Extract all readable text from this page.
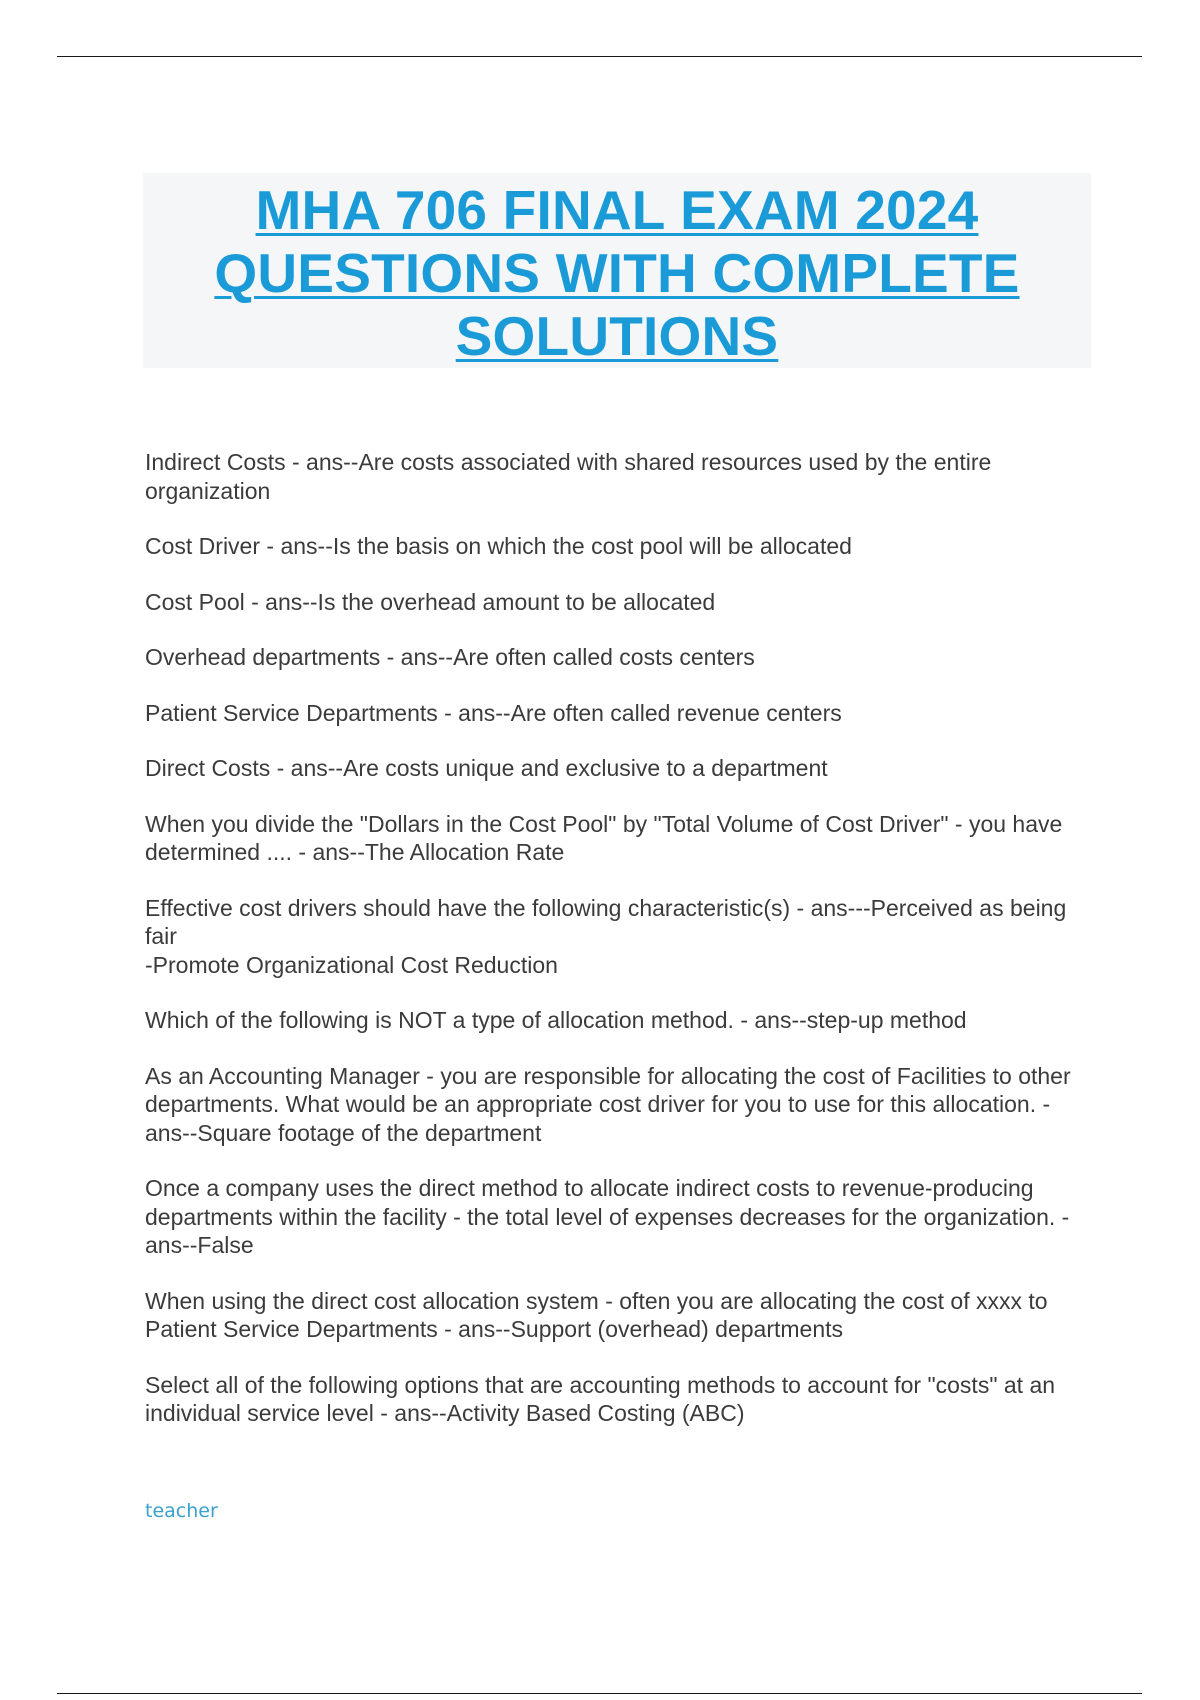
MHA 706 FINAL EXAM 2024
QUESTIONS WITH COMPLETE
SOLUTIONS
Indirect Costs - ans--Are costs associated with shared resources used by the entire organization
Cost Driver - ans--Is the basis on which the cost pool will be allocated
Cost Pool - ans--Is the overhead amount to be allocated
Overhead departments - ans--Are often called costs centers
Patient Service Departments - ans--Are often called revenue centers
Direct Costs - ans--Are costs unique and exclusive to a department
When you divide the "Dollars in the Cost Pool" by "Total Volume of Cost Driver" - you have determined .... - ans--The Allocation Rate
Effective cost drivers should have the following characteristic(s) - ans---Perceived as being fair
-Promote Organizational Cost Reduction
Which of the following is NOT a type of allocation method. - ans--step-up method
As an Accounting Manager - you are responsible for allocating the cost of Facilities to other departments. What would be an appropriate cost driver for you to use for this allocation. - ans--Square footage of the department
Once a company uses the direct method to allocate indirect costs to revenue-producing departments within the facility - the total level of expenses decreases for the organization. - ans--False
When using the direct cost allocation system - often you are allocating the cost of xxxx to Patient Service Departments - ans--Support (overhead) departments
Select all of the following options that are accounting methods to account for "costs" at an individual service level - ans--Activity Based Costing (ABC)
teacher
